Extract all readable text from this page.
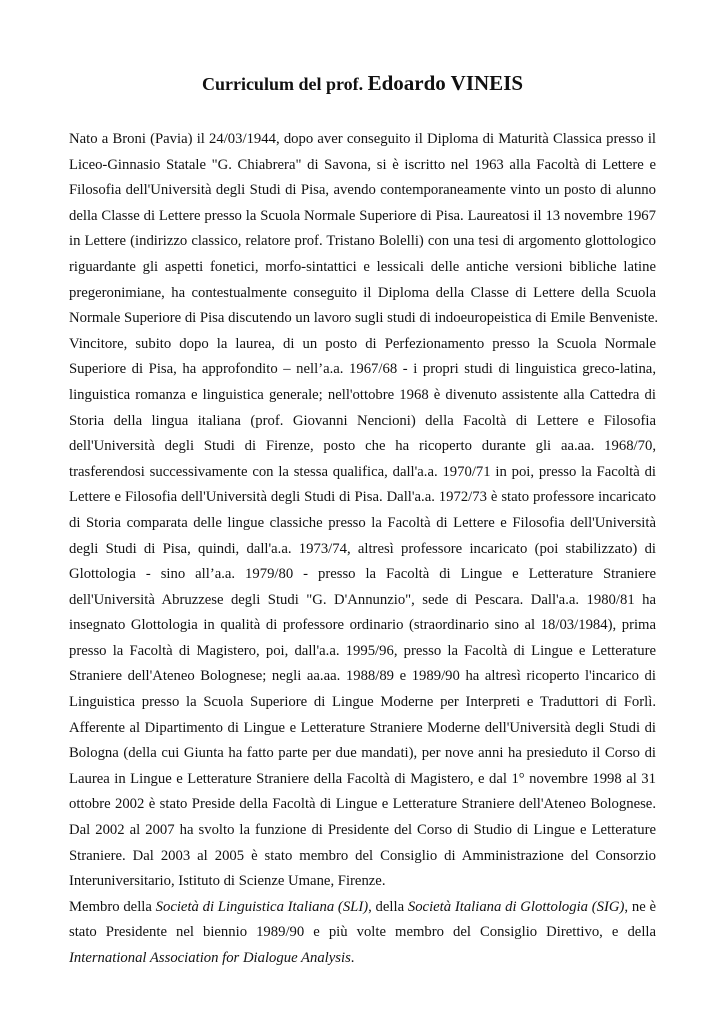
Curriculum del prof. Edoardo VINEIS
Nato a Broni (Pavia) il 24/03/1944, dopo aver conseguito il Diploma di Maturità Classica presso il
Liceo-Ginnasio Statale "G. Chiabrera" di Savona, si è iscritto nel 1963 alla Facoltà di Lettere e
Filosofia dell'Università degli Studi di Pisa, avendo contemporaneamente vinto un posto di alunno
della Classe di Lettere presso la Scuola Normale Superiore di Pisa. Laureatosi il 13 novembre 1967
in Lettere (indirizzo classico, relatore prof. Tristano Bolelli) con una tesi di argomento glottologico
riguardante gli aspetti fonetici, morfo-sintattici e lessicali delle antiche versioni bibliche latine
pregeronimiane, ha contestualmente conseguito il Diploma della Classe di Lettere della Scuola
Normale Superiore di Pisa discutendo un lavoro sugli studi di indoeuropeistica di Emile Benveniste.
Vincitore, subito dopo la laurea, di un posto di Perfezionamento presso la Scuola Normale
Superiore di Pisa, ha approfondito – nell’a.a. 1967/68 - i propri studi di linguistica greco-latina,
linguistica romanza e linguistica generale; nell'ottobre 1968 è divenuto assistente alla Cattedra di
Storia della lingua italiana (prof. Giovanni Nencioni) della Facoltà di Lettere e Filosofia
dell'Università degli Studi di Firenze, posto che ha ricoperto durante gli aa.aa. 1968/70,
trasferendosi successivamente con la stessa qualifica, dall'a.a. 1970/71 in poi, presso la Facoltà di
Lettere e Filosofia dell'Università degli Studi di Pisa. Dall'a.a. 1972/73 è stato professore incaricato
di Storia comparata delle lingue classiche presso la Facoltà di Lettere e Filosofia dell'Università
degli Studi di Pisa, quindi, dall'a.a. 1973/74, altresì professore incaricato (poi stabilizzato) di
Glottologia - sino all’a.a. 1979/80 - presso la Facoltà di Lingue e Letterature Straniere
dell'Università Abruzzese degli Studi "G. D'Annunzio", sede di Pescara. Dall'a.a. 1980/81 ha
insegnato Glottologia in qualità di professore ordinario (straordinario sino al 18/03/1984), prima
presso la Facoltà di Magistero, poi, dall'a.a. 1995/96, presso la Facoltà di Lingue e Letterature
Straniere dell'Ateneo Bolognese; negli aa.aa. 1988/89 e 1989/90 ha altresì ricoperto l'incarico di
Linguistica presso la Scuola Superiore di Lingue Moderne per Interpreti e Traduttori di Forlì.
Afferente al Dipartimento di Lingue e Letterature Straniere Moderne dell'Università degli Studi di
Bologna (della cui Giunta ha fatto parte per due mandati), per nove anni ha presieduto il Corso di
Laurea in Lingue e Letterature Straniere della Facoltà di Magistero, e dal 1° novembre 1998 al 31
ottobre 2002 è stato Preside della Facoltà di Lingue e Letterature Straniere dell'Ateneo Bolognese.
Dal 2002 al 2007 ha svolto la funzione di Presidente del Corso di Studio di Lingue e Letterature
Straniere. Dal 2003 al 2005 è stato membro del Consiglio di Amministrazione del Consorzio
Interuniversitario, Istituto di Scienze Umane, Firenze.
Membro della Società di Linguistica Italiana (SLI), della Società Italiana di Glottologia (SIG), ne è
stato Presidente nel biennio 1989/90 e più volte membro del Consiglio Direttivo, e della
International Association for Dialogue Analysis.
